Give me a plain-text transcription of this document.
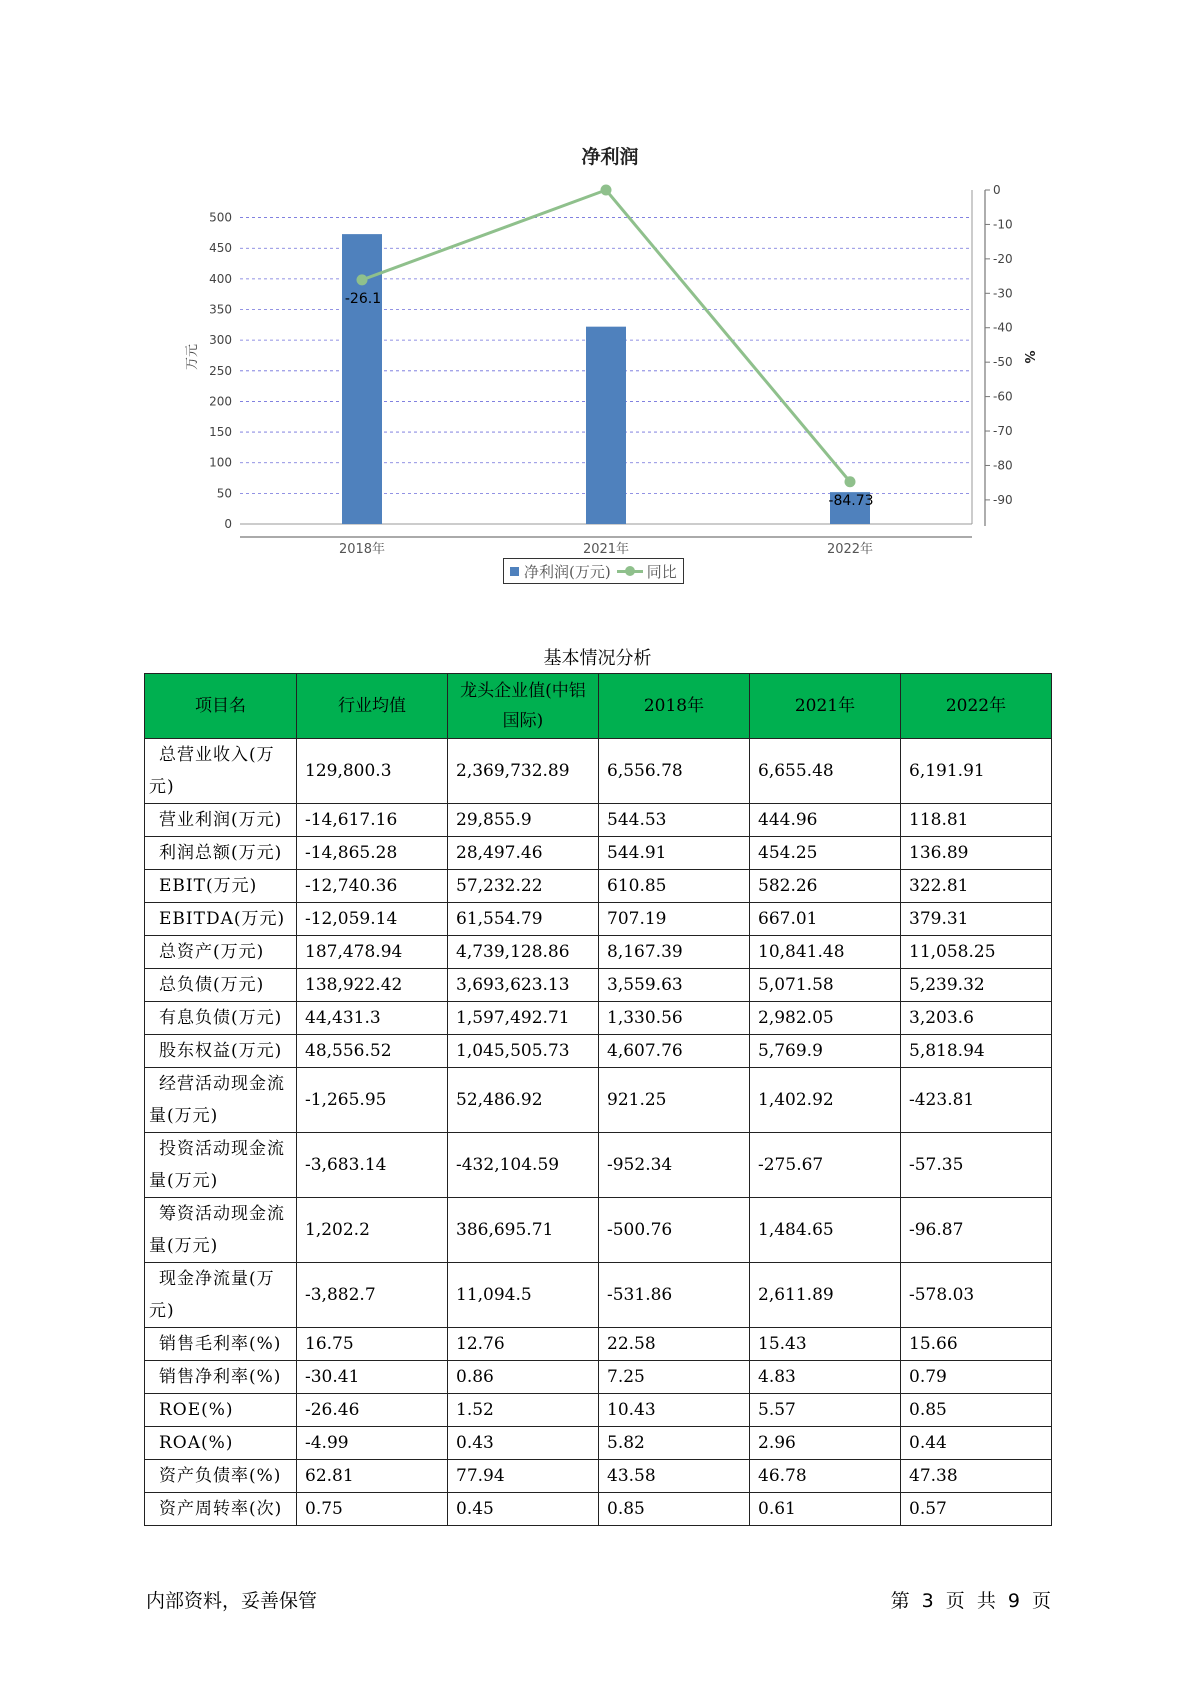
净利润
0
50
100
150
200
250
300
350
400
450
500
0
-10
-20
-30
-40
-50
-60
-70
-80
-90
万元	%
2018年	2021年	2022年
-26.1
-84.73
净利润(万元) 同比
基本情况分析
项目名	行业均值	龙头企业值(中铝国际)	2018年	2021年	2022年
总营业收入(万元)	129,800.3	2,369,732.89	6,556.78	6,655.48	6,191.91
营业利润(万元)	-14,617.16	29,855.9	544.53	444.96	118.81
利润总额(万元)	-14,865.28	28,497.46	544.91	454.25	136.89
EBIT(万元)	-12,740.36	57,232.22	610.85	582.26	322.81
EBITDA(万元)	-12,059.14	61,554.79	707.19	667.01	379.31
总资产(万元)	187,478.94	4,739,128.86	8,167.39	10,841.48	11,058.25
总负债(万元)	138,922.42	3,693,623.13	3,559.63	5,071.58	5,239.32
有息负债(万元)	44,431.3	1,597,492.71	1,330.56	2,982.05	3,203.6
股东权益(万元)	48,556.52	1,045,505.73	4,607.76	5,769.9	5,818.94
经营活动现金流量(万元)	-1,265.95	52,486.92	921.25	1,402.92	-423.81
投资活动现金流量(万元)	-3,683.14	-432,104.59	-952.34	-275.67	-57.35
筹资活动现金流量(万元)	1,202.2	386,695.71	-500.76	1,484.65	-96.87
现金净流量(万元)	-3,882.7	11,094.5	-531.86	2,611.89	-578.03
销售毛利率(%)	16.75	12.76	22.58	15.43	15.66
销售净利率(%)	-30.41	0.86	7.25	4.83	0.79
ROE(%)	-26.46	1.52	10.43	5.57	0.85
ROA(%)	-4.99	0.43	5.82	2.96	0.44
资产负债率(%)	62.81	77.94	43.58	46.78	47.38
资产周转率(次)	0.75	0.45	0.85	0.61	0.57
内部资料，妥善保管	第 3 页 共 9 页
